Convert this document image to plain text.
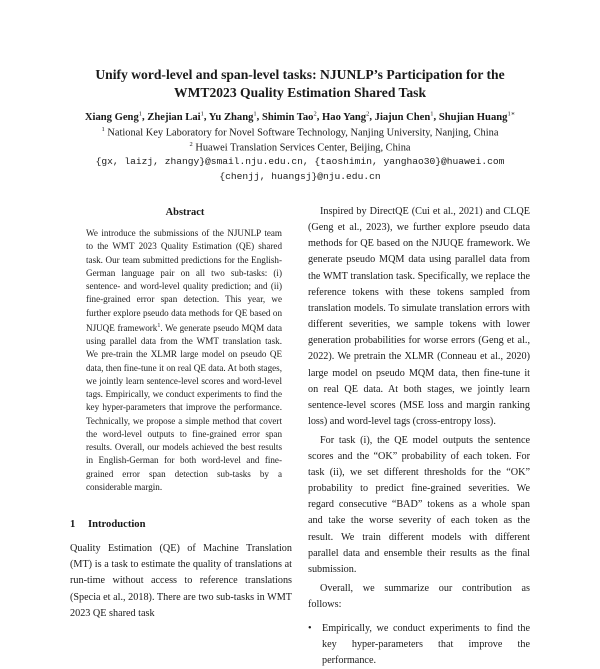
Unify word-level and span-level tasks: NJUNLP’s Participation for the
WMT2023 Quality Estimation Shared Task
Xiang Geng$^1$, Zhejian Lai$^1$, Yu Zhang$^1$, Shimin Tao$^2$, Hao Yang$^2$, Jiajun Chen$^1$, Shujian Huang$^{1∗}$
$^1$ National Key Laboratory for Novel Software Technology, Nanjing University, Nanjing, China
$^2$ Huawei Translation Services Center, Beijing, China
{gx, laizj, zhangy}@smail.nju.edu.cn, {taoshimin, yanghao30}@huawei.com
{chenjj, huangsj}@nju.edu.cn
Abstract
We introduce the submissions of the NJUNLP team to the WMT 2023 Quality Estimation (QE) shared task. Our team submitted predictions for the English-German language pair on all two sub-tasks: (i) sentence- and word-level quality prediction; and (ii) fine-grained error span detection. This year, we further explore pseudo data methods for QE based on NJUQE framework$^1$. We generate pseudo MQM data using parallel data from the WMT translation task. We pre-train the XLMR large model on pseudo QE data, then fine-tune it on real QE data. At both stages, we jointly learn sentence-level scores and word-level tags. Empirically, we conduct experiments to find the key hyper-parameters that improve the performance. Technically, we propose a simple method that covert the word-level outputs to fine-grained error span results. Overall, our models achieved the best results in English-German for both word-level and fine-grained error span detection sub-tasks by a considerable margin.
1 Introduction
Quality Estimation (QE) of Machine Translation (MT) is a task to estimate the quality of translations at run-time without access to reference translations (Specia et al., 2018). There are two sub-tasks in WMT 2023 QE shared task

Inspired by DirectQE (Cui et al., 2021) and CLQE (Geng et al., 2023), we further explore pseudo data methods for QE based on the NJUQE framework. We generate pseudo MQM data using parallel data from the WMT translation task. Specifically, we replace the reference tokens with these tokens sampled from translation models. To simulate translation errors with different severities, we sample tokens with lower generation probabilities for worse errors (Geng et al., 2022). We pretrain the XLMR (Conneau et al., 2020) large model on pseudo MQM data, then fine-tune it on real QE data. At both stages, we jointly learn sentence-level scores (MSE loss and margin ranking loss) and word-level tags (cross-entropy loss).

For task (i), the QE model outputs the sentence scores and the “OK” probability of each token. For task (ii), we set different thresholds for the “OK” probability to predict fine-grained severities. We regard consecutive “BAD” tokens as a whole span and take the worse severity of each token as the result. We train different models with different parallel data and ensemble their results as the final submission.

Overall, we summarize our contribution as follows:

•	Empirically, we conduct experiments to find the key hyper-parameters that improve the performance.
